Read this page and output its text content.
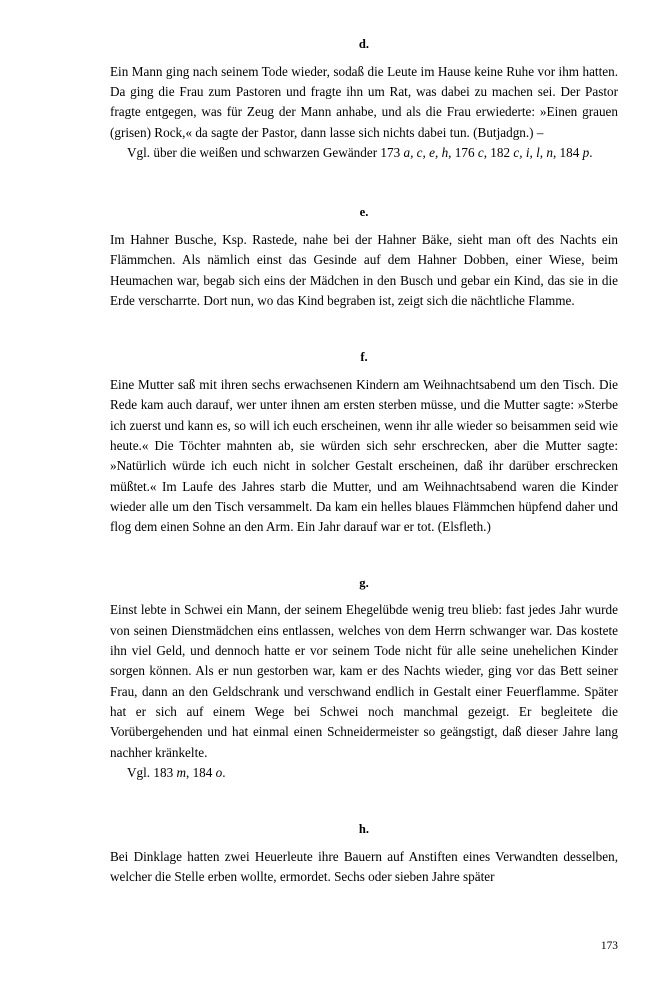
d.

Ein Mann ging nach seinem Tode wieder, sodaß die Leute im Hause keine Ruhe vor ihm hatten. Da ging die Frau zum Pastoren und fragte ihn um Rat, was dabei zu machen sei. Der Pastor fragte entgegen, was für Zeug der Mann anhabe, und als die Frau erwiederte: »Einen grauen (grisen) Rock,« da sagte der Pastor, dann lasse sich nichts dabei tun. (Butjadgn.) –

Vgl. über die weißen und schwarzen Gewänder 173 a, c, e, h, 176 c, 182 c, i, l, n, 184 p.

e.

Im Hahner Busche, Ksp. Rastede, nahe bei der Hahner Bäke, sieht man oft des Nachts ein Flämmchen. Als nämlich einst das Gesinde auf dem Hahner Dobben, einer Wiese, beim Heumachen war, begab sich eins der Mädchen in den Busch und gebar ein Kind, das sie in die Erde verscharrte. Dort nun, wo das Kind begraben ist, zeigt sich die nächtliche Flamme.

f.

Eine Mutter saß mit ihren sechs erwachsenen Kindern am Weihnachtsabend um den Tisch. Die Rede kam auch darauf, wer unter ihnen am ersten sterben müsse, und die Mutter sagte: »Sterbe ich zuerst und kann es, so will ich euch erscheinen, wenn ihr alle wieder so beisammen seid wie heute.« Die Töchter mahnten ab, sie würden sich sehr erschrecken, aber die Mutter sagte: »Natürlich würde ich euch nicht in solcher Gestalt erscheinen, daß ihr darüber erschrecken müßtet.« Im Laufe des Jahres starb die Mutter, und am Weihnachtsabend waren die Kinder wieder alle um den Tisch versammelt. Da kam ein helles blaues Flämmchen hüpfend daher und flog dem einen Sohne an den Arm. Ein Jahr darauf war er tot. (Elsfleth.)

g.

Einst lebte in Schwei ein Mann, der seinem Ehegelübde wenig treu blieb: fast jedes Jahr wurde von seinen Dienstmädchen eins entlassen, welches von dem Herrn schwanger war. Das kostete ihn viel Geld, und dennoch hatte er vor seinem Tode nicht für alle seine unehelichen Kinder sorgen können. Als er nun gestorben war, kam er des Nachts wieder, ging vor das Bett seiner Frau, dann an den Geldschrank und verschwand endlich in Gestalt einer Feuerflamme. Später hat er sich auf einem Wege bei Schwei noch manchmal gezeigt. Er begleitete die Vorübergehenden und hat einmal einen Schneidermeister so geängstigt, daß dieser Jahre lang nachher kränkelte.

Vgl. 183 m, 184 o.

h.

Bei Dinklage hatten zwei Heuerleute ihre Bauern auf Anstiften eines Verwandten desselben, welcher die Stelle erben wollte, ermordet. Sechs oder sieben Jahre später

173
